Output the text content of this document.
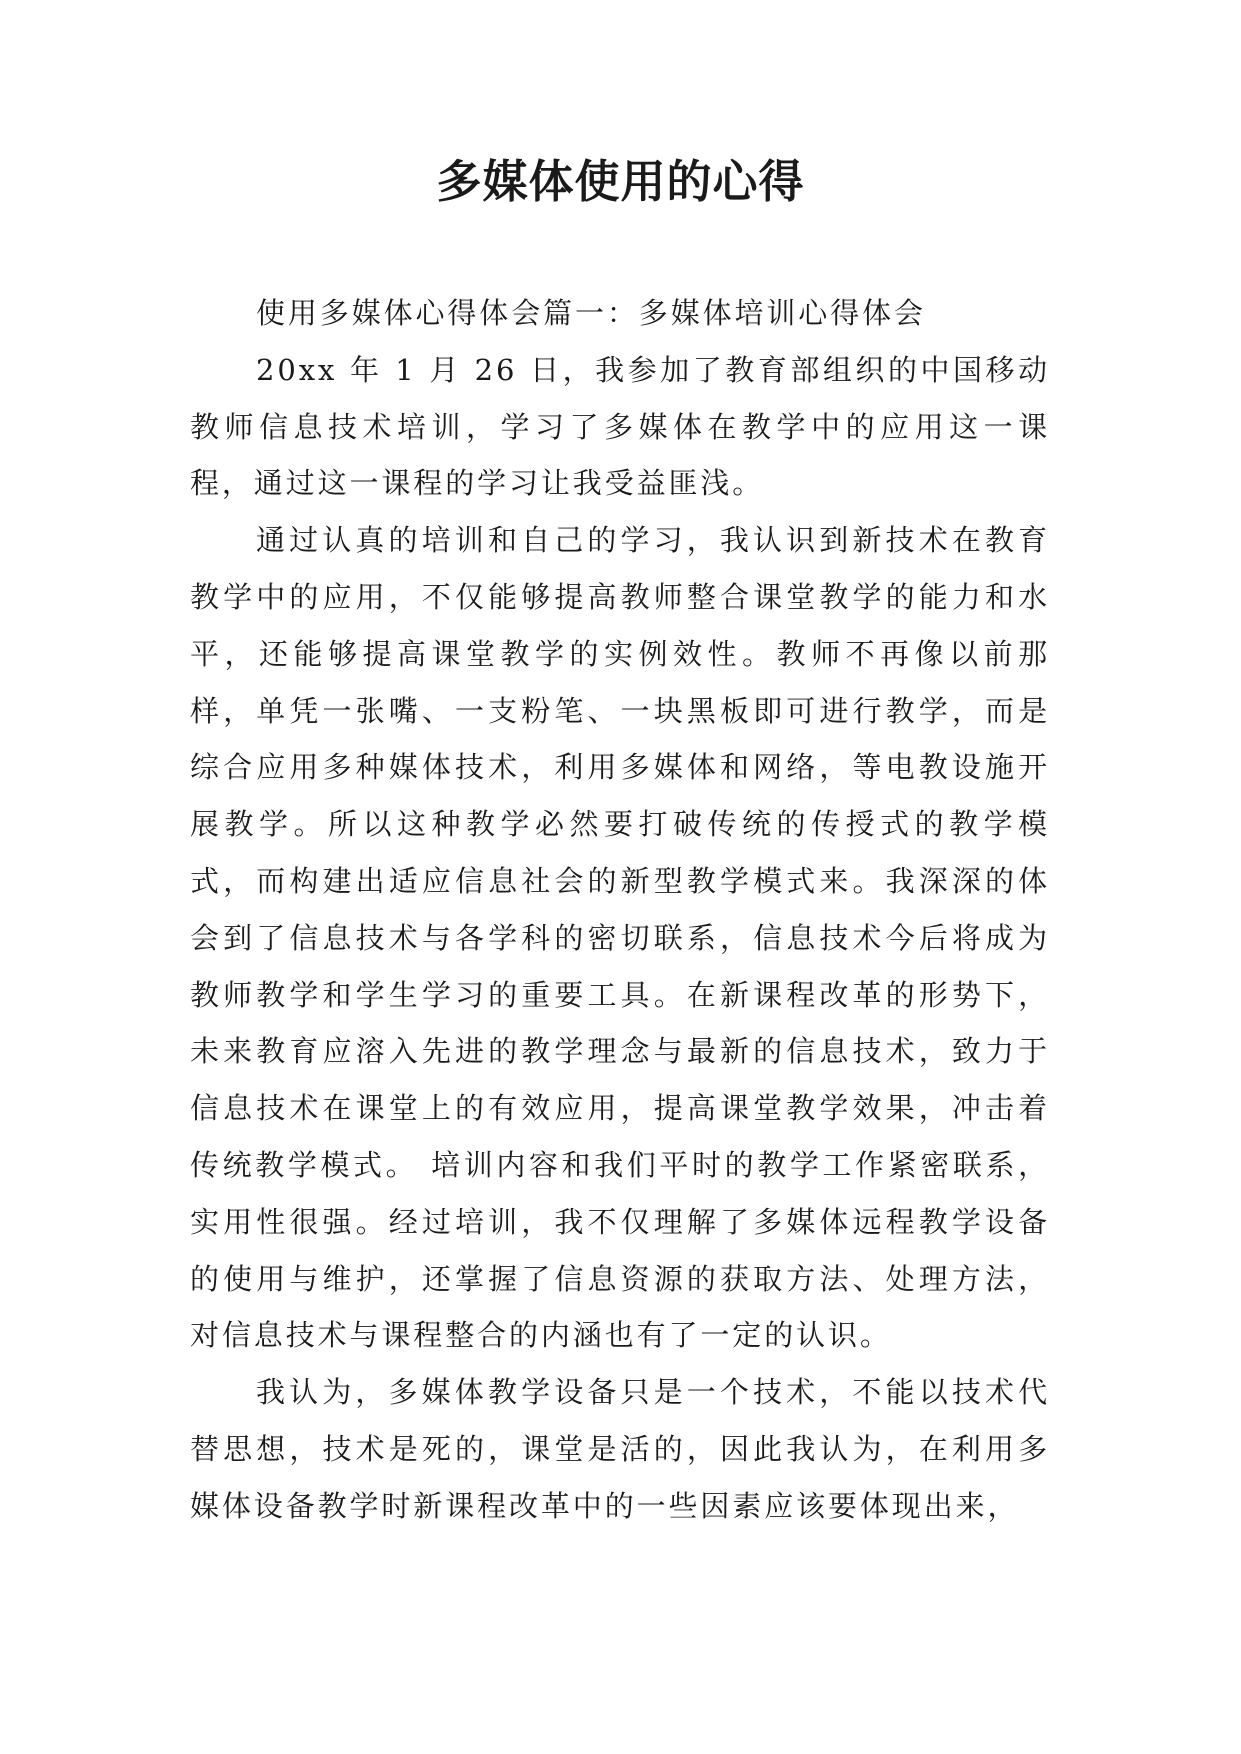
多媒体使用的心得

使用多媒体心得体会篇一：多媒体培训心得体会

20xx 年 1 月 26 日，我参加了教育部组织的中国移动教师信息技术培训，学习了多媒体在教学中的应用这一课程，通过这一课程的学习让我受益匪浅。

通过认真的培训和自己的学习，我认识到新技术在教育教学中的应用，不仅能够提高教师整合课堂教学的能力和水平，还能够提高课堂教学的实例效性。教师不再像以前那样，单凭一张嘴、一支粉笔、一块黑板即可进行教学，而是综合应用多种媒体技术，利用多媒体和网络，等电教设施开展教学。所以这种教学必然要打破传统的传授式的教学模式，而构建出适应信息社会的新型教学模式来。我深深的体会到了信息技术与各学科的密切联系，信息技术今后将成为教师教学和学生学习的重要工具。在新课程改革的形势下，未来教育应溶入先进的教学理念与最新的信息技术，致力于信息技术在课堂上的有效应用，提高课堂教学效果，冲击着传统教学模式。 培训内容和我们平时的教学工作紧密联系，实用性很强。经过培训，我不仅理解了多媒体远程教学设备的使用与维护，还掌握了信息资源的获取方法、处理方法，对信息技术与课程整合的内涵也有了一定的认识。

我认为，多媒体教学设备只是一个技术，不能以技术代替思想，技术是死的，课堂是活的，因此我认为，在利用多媒体设备教学时新课程改革中的一些因素应该要体现出来，
